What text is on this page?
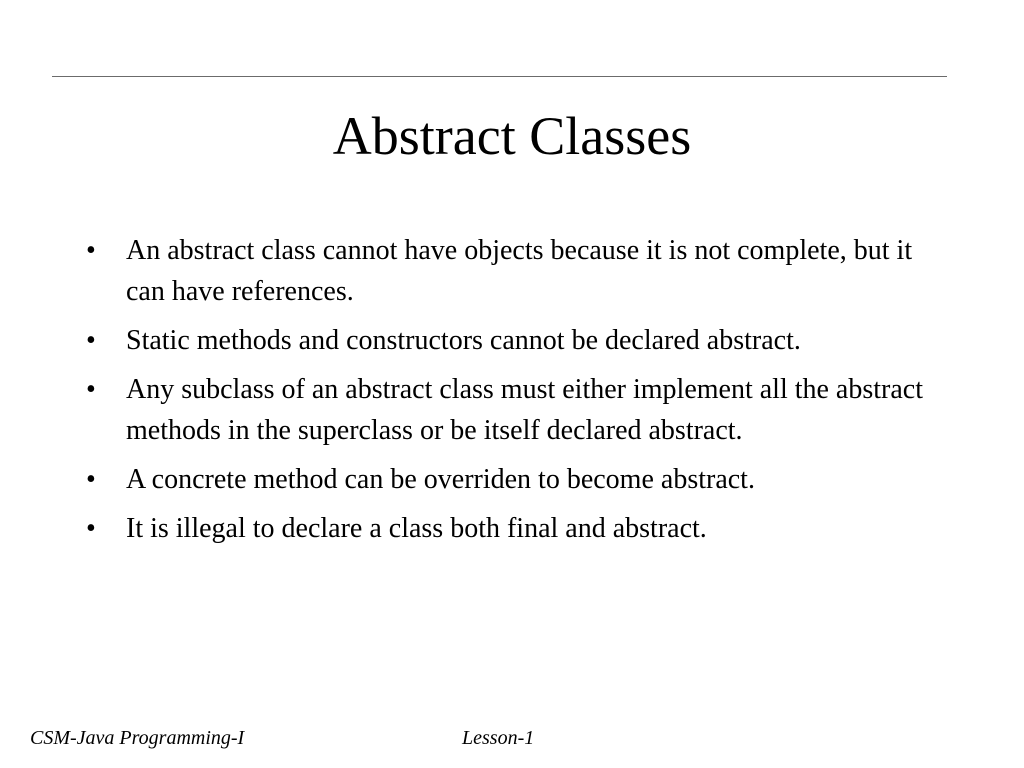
Abstract Classes
• An abstract class cannot have objects because it is not complete, but it can have references.
• Static methods and constructors cannot be declared abstract.
• Any subclass of an abstract class must either implement all the abstract methods in the superclass or be itself declared abstract.
• A concrete method can be overriden to become abstract.
• It is illegal to declare a class both final and abstract.
CSM-Java Programming-I	Lesson-1
